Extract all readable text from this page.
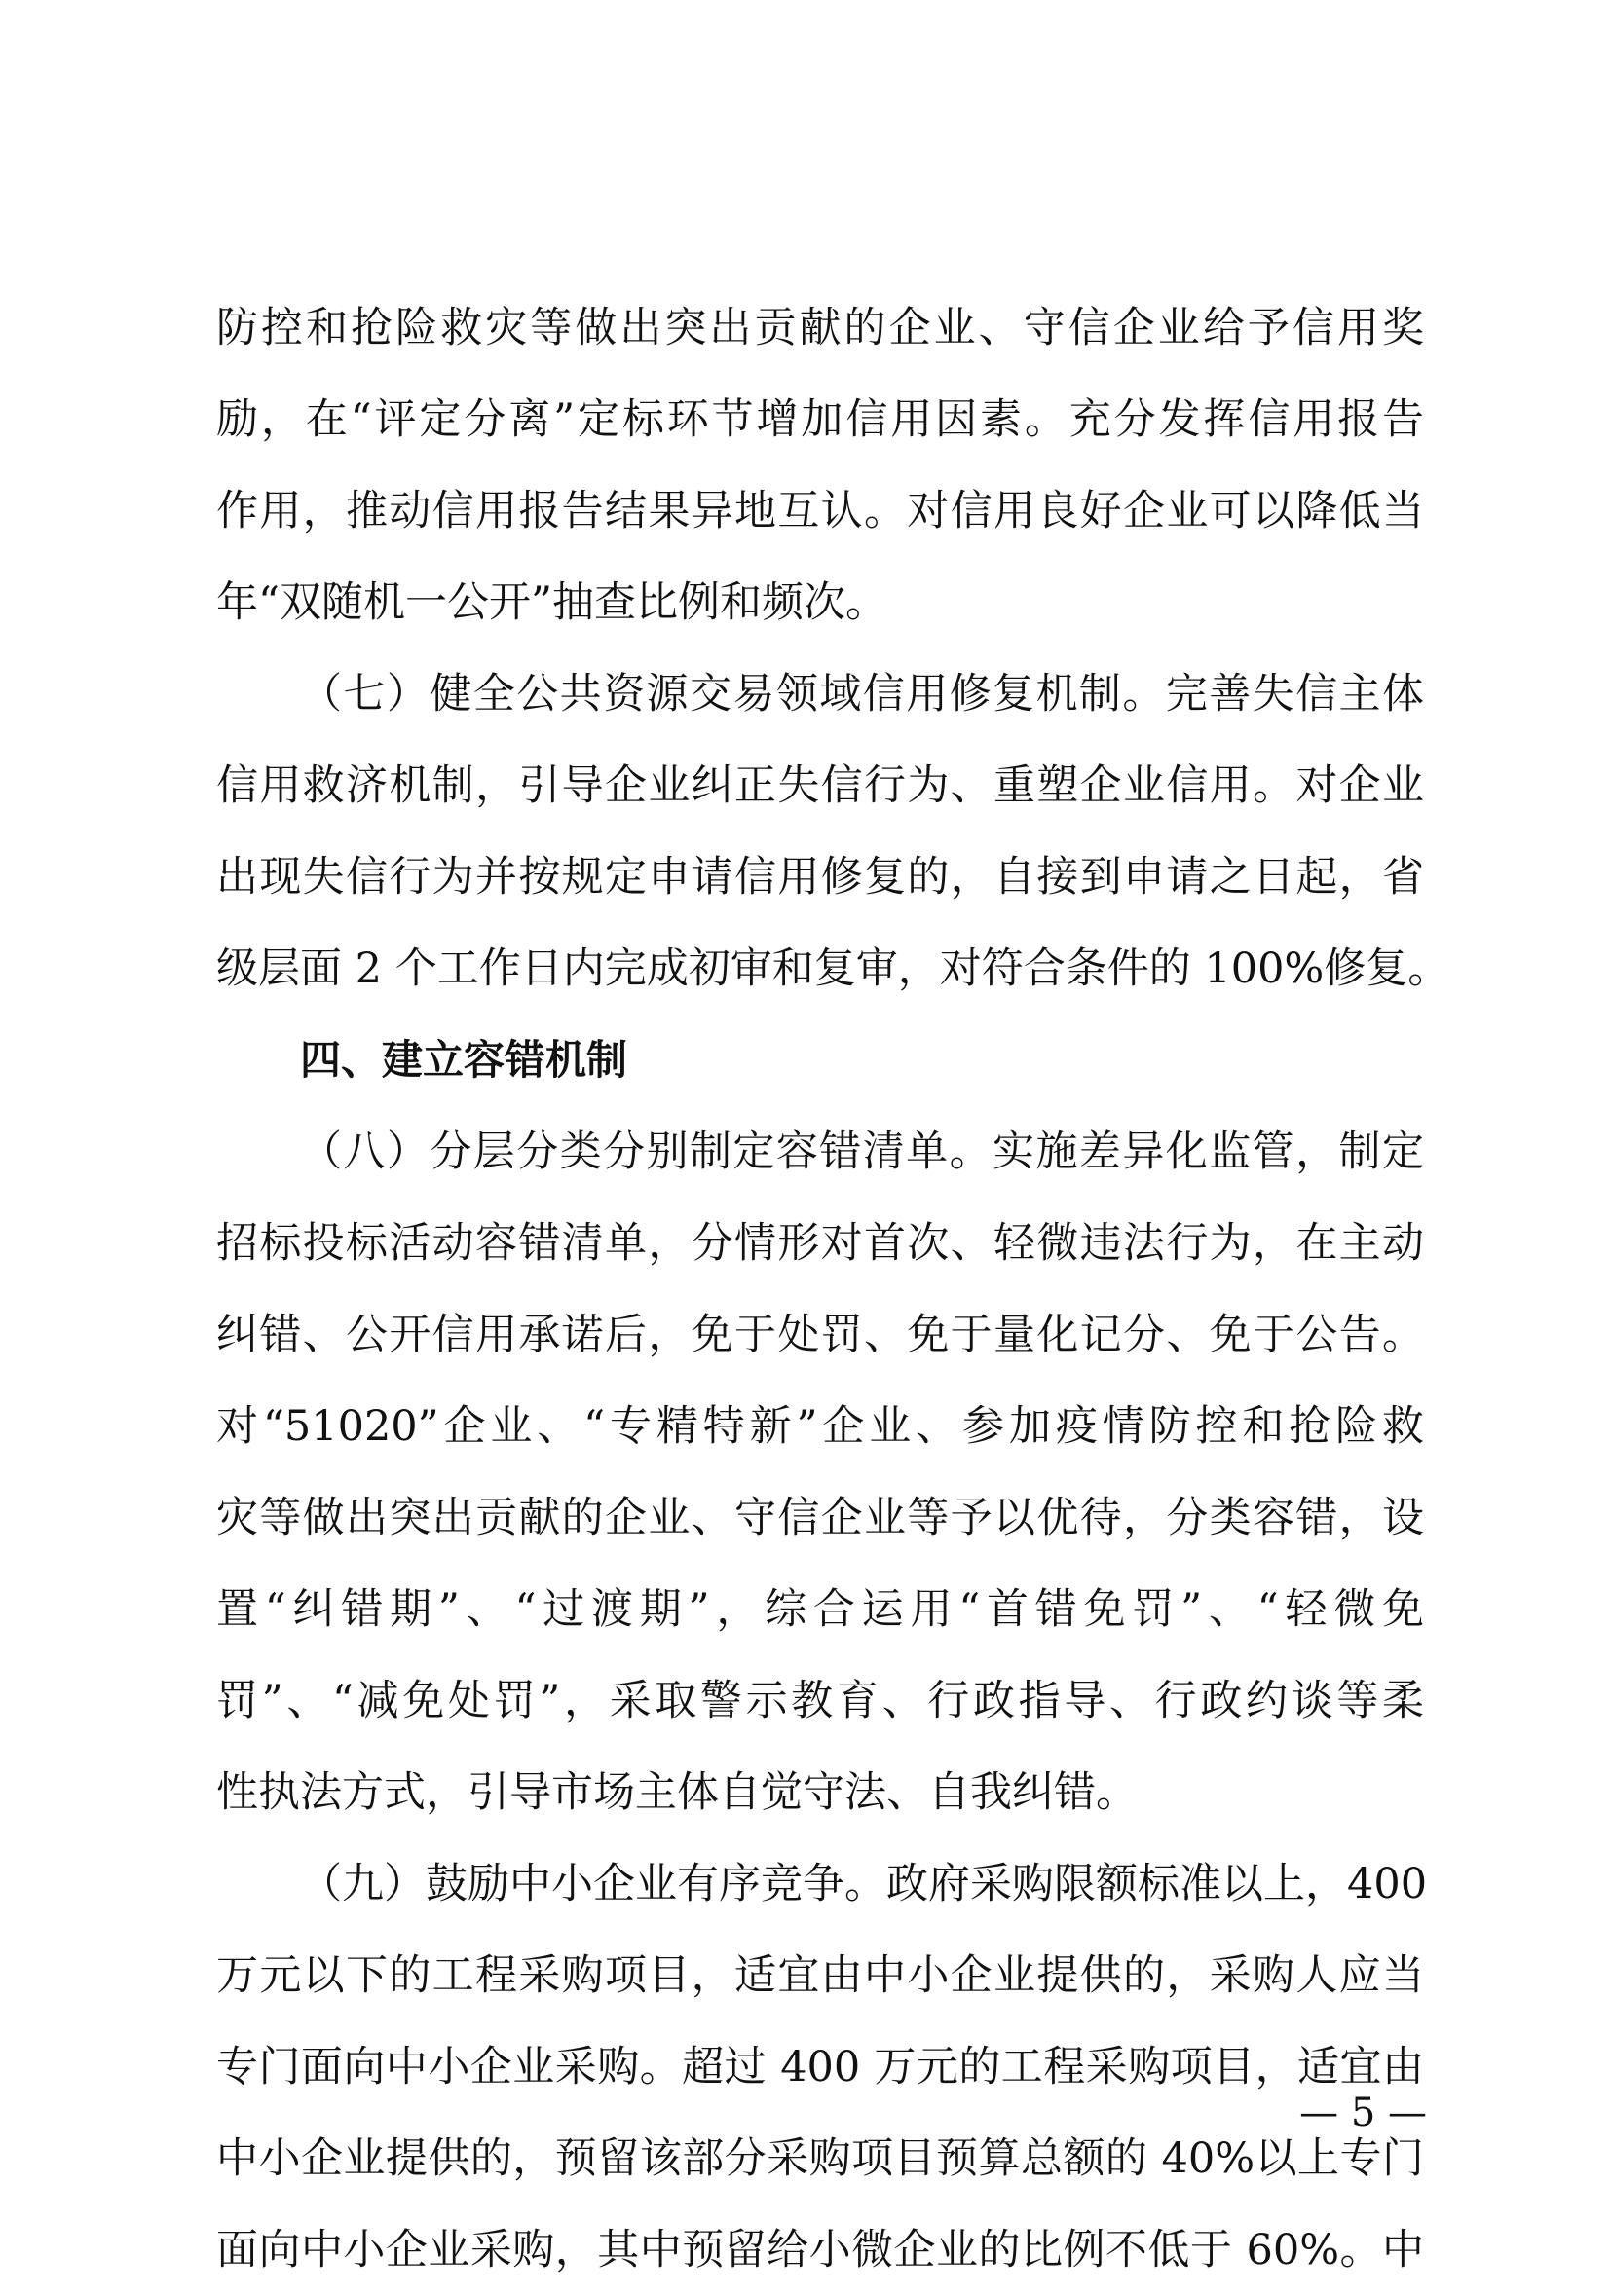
防控和抢险救灾等做出突出贡献的企业、守信企业给予信用奖
励，在“评定分离”定标环节增加信用因素。充分发挥信用报告
作用，推动信用报告结果异地互认。对信用良好企业可以降低当
年“双随机一公开”抽查比例和频次。
（七）健全公共资源交易领域信用修复机制。完善失信主体
信用救济机制，引导企业纠正失信行为、重塑企业信用。对企业
出现失信行为并按规定申请信用修复的，自接到申请之日起，省
级层面 2 个工作日内完成初审和复审，对符合条件的 100%修复。
四、建立容错机制
（八）分层分类分别制定容错清单。实施差异化监管，制定
招标投标活动容错清单，分情形对首次、轻微违法行为，在主动
纠错、公开信用承诺后，免于处罚、免于量化记分、免于公告。
对“51020”企业、“专精特新”企业、参加疫情防控和抢险救
灾等做出突出贡献的企业、守信企业等予以优待，分类容错，设
置“纠错期”、“过渡期”，综合运用“首错免罚”、“轻微免
罚”、“减免处罚”，采取警示教育、行政指导、行政约谈等柔
性执法方式，引导市场主体自觉守法、自我纠错。
（九）鼓励中小企业有序竞争。政府采购限额标准以上，400
万元以下的工程采购项目，适宜由中小企业提供的，采购人应当
专门面向中小企业采购。超过 400 万元的工程采购项目，适宜由
中小企业提供的，预留该部分采购项目预算总额的 40%以上专门
面向中小企业采购，其中预留给小微企业的比例不低于 60%。中
— 5 —
